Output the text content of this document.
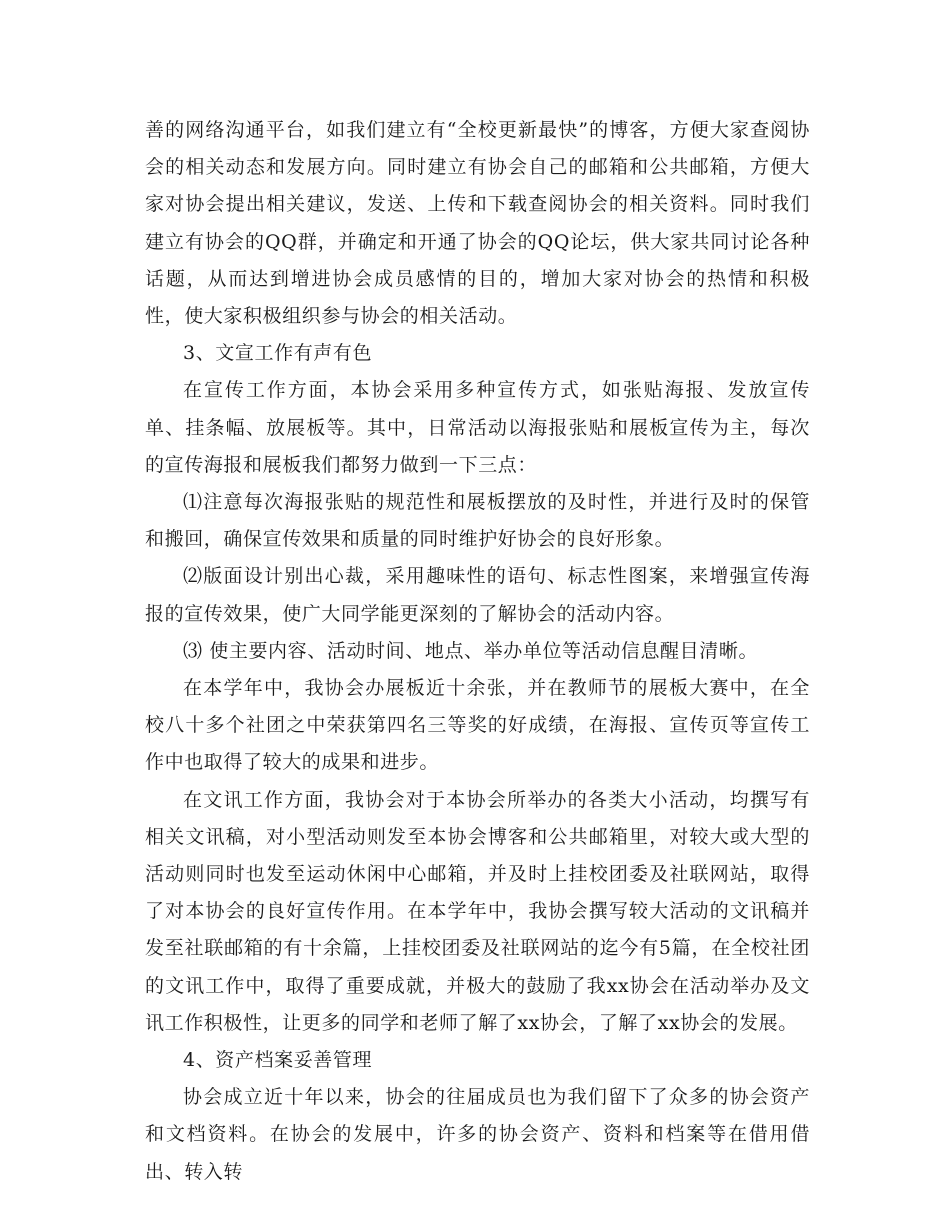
善的网络沟通平台，如我们建立有“全校更新最快”的博客，方便大家查阅协会的相关动态和发展方向。同时建立有协会自己的邮箱和公共邮箱，方便大家对协会提出相关建议，发送、上传和下载查阅协会的相关资料。同时我们建立有协会的QQ群，并确定和开通了协会的QQ论坛，供大家共同讨论各种话题，从而达到增进协会成员感情的目的，增加大家对协会的热情和积极性，使大家积极组织参与协会的相关活动。

3、文宣工作有声有色

在宣传工作方面，本协会采用多种宣传方式，如张贴海报、发放宣传单、挂条幅、放展板等。其中，日常活动以海报张贴和展板宣传为主，每次的宣传海报和展板我们都努力做到一下三点：

⑴注意每次海报张贴的规范性和展板摆放的及时性，并进行及时的保管和搬回，确保宣传效果和质量的同时维护好协会的良好形象。

⑵版面设计别出心裁，采用趣味性的语句、标志性图案，来增强宣传海报的宣传效果，使广大同学能更深刻的了解协会的活动内容。

⑶ 使主要内容、活动时间、地点、举办单位等活动信息醒目清晰。

在本学年中，我协会办展板近十余张，并在教师节的展板大赛中，在全校八十多个社团之中荣获第四名三等奖的好成绩，在海报、宣传页等宣传工作中也取得了较大的成果和进步。

在文讯工作方面，我协会对于本协会所举办的各类大小活动，均撰写有相关文讯稿，对小型活动则发至本协会博客和公共邮箱里，对较大或大型的活动则同时也发至运动休闲中心邮箱，并及时上挂校团委及社联网站，取得了对本协会的良好宣传作用。在本学年中，我协会撰写较大活动的文讯稿并发至社联邮箱的有十余篇，上挂校团委及社联网站的迄今有5篇，在全校社团的文讯工作中，取得了重要成就，并极大的鼓励了我xx协会在活动举办及文讯工作积极性，让更多的同学和老师了解了xx协会，了解了xx协会的发展。

4、资产档案妥善管理

协会成立近十年以来，协会的往届成员也为我们留下了众多的协会资产和文档资料。在协会的发展中，许多的协会资产、资料和档案等在借用借出、转入转
